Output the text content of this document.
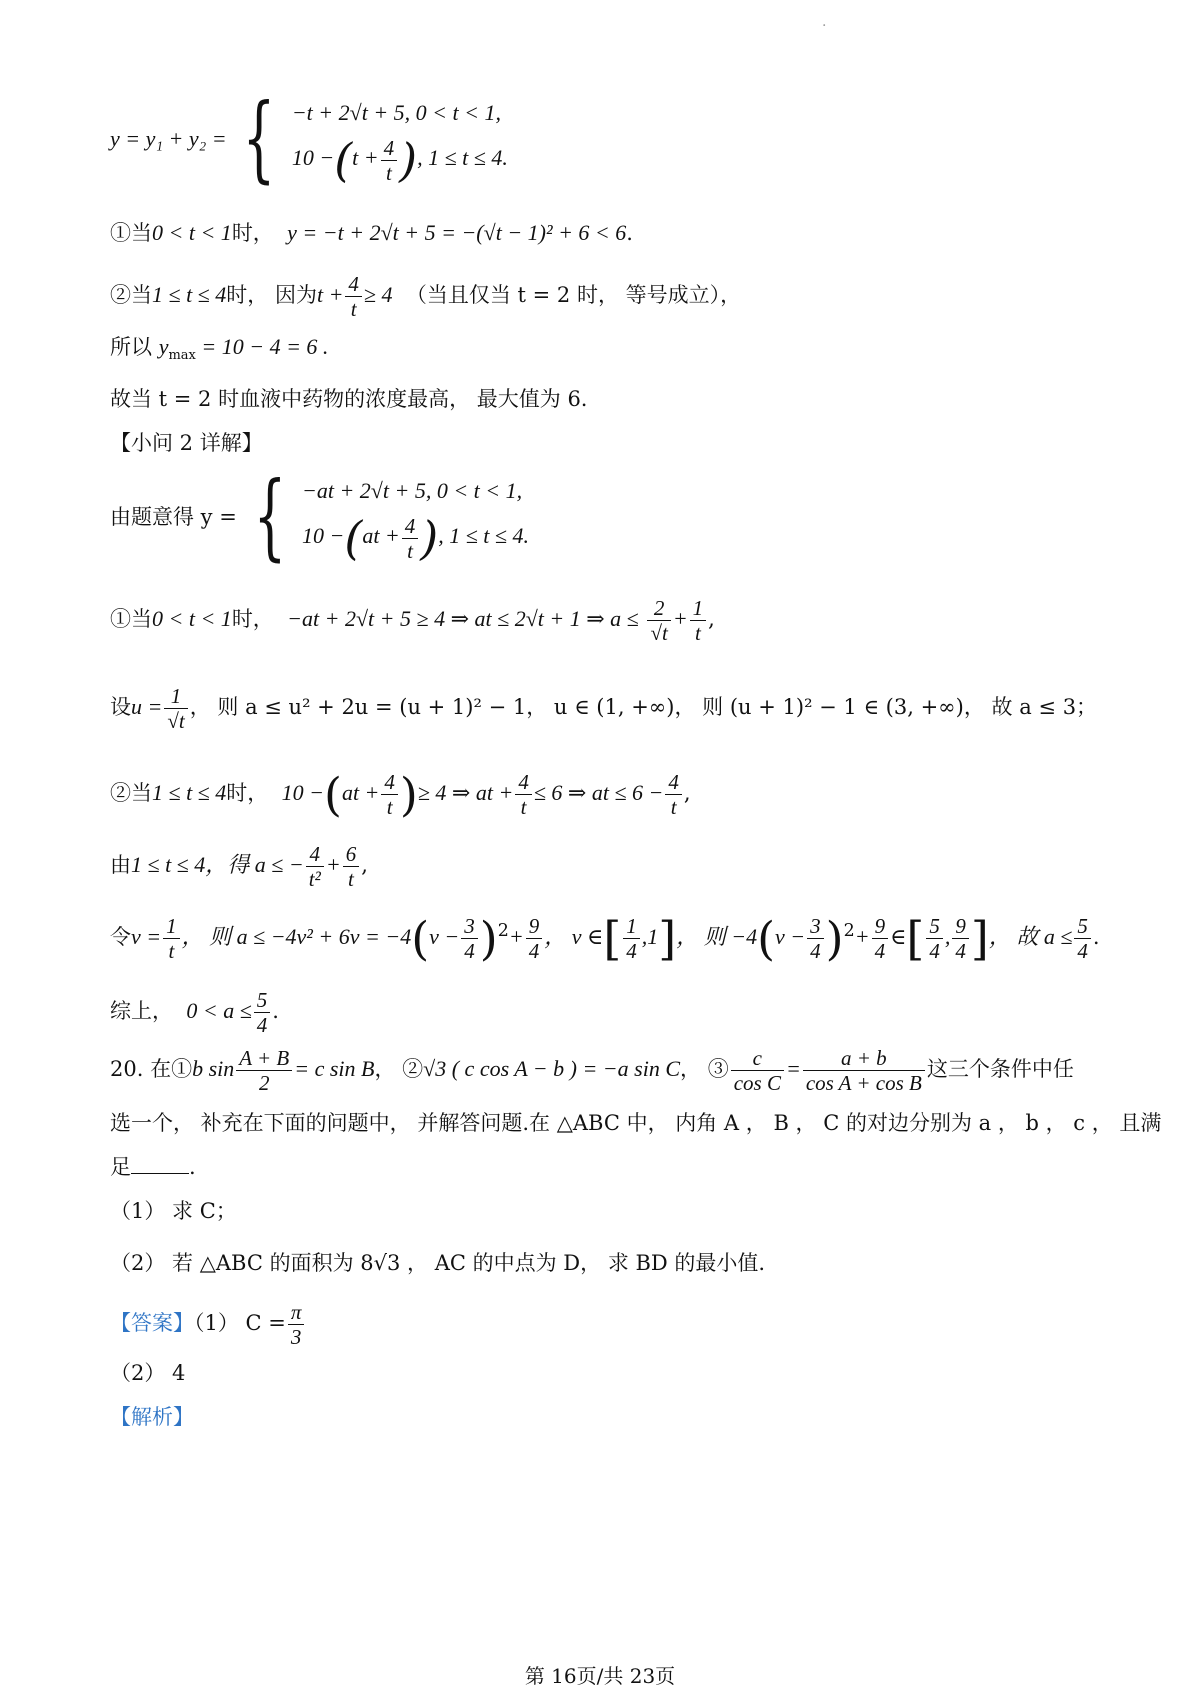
·
y = y₁ + y₂ = { −t + 2√t + 5, 0 < t < 1,
$10 -(t + \frac{4}{t}$ ), 1 ≤ t ≤ 4.
①当0 < t < 1时， y = −t + 2√t + 5 = −(√t − 1)² + 6 < 6.
②当1 ≤ t ≤ 4时， 因为$t + \frac{4}{t} \ge 4$ （当且仅当 t = 2 时， 等号成立），
所以 $y_{max} = 10 - 4 = 6$ .
故当 t = 2 时血液中药物的浓度最高， 最大值为 6.
【小问 2 详解】
由题意得 y = { −at + 2√t + 5, 0 < t < 1,
$10 -(at + \frac{4}{t}$ ), 1 ≤ t ≤ 4.
①当0 < t < 1时， −at + 2√t + 5 ≥ 4 ⇒ at ≤ 2√t + 1 ⇒ $a \le \frac{2}{√t} + \frac{1}{t}$ ,
设$u = \frac{1}{√t}$ ， 则 a ≤ u² + 2u = (u + 1)² − 1， u ∈ (1, +∞)， 则 (u + 1)² − 1 ∈ (3, +∞)， 故 a ≤ 3；
②当1 ≤ t ≤ 4时， $10 -(at + \frac{4}{t}$ )≥ 4 ⇒ at + $\frac{4}{t} \le 6$ ⇒ at ≤ $6 - \frac{4}{t}$ ,
由1 ≤ t ≤ 4，得 a ≤ − $\frac{4}{\text{t²}} + \frac{6}{t}$ ,
令$v = \frac{1}{t}$ ， 则 $a \le -4v^2 + 6v = -4(v - \frac{3}{4} )^2+ \frac{9}{4}$ ， v ∈[ $\frac{1}{4} ,1$]， 则 $-4(v - \frac{3}{4} )^2+ \frac{9}{4}$ ∈[ $\frac{5}{4}$ , $\frac{9}{4}$ ]， 故 $a \le \frac{5}{4}$ .
综上， $0 < a \le \frac{5}{4}$ .
20. 在①b $\sin \frac{A + B}{2} = c$ sin B， ②√3 ( c cos A − b ) = −a sin C， ③ $\frac{c}{\text{cos C}} = \frac{a + b}{\text{cos A + cos B}}$ 这三个条件中任
选一个， 补充在下面的问题中， 并解答问题.在 △ABC 中， 内角 A ， B ， C 的对边分别为 a ， b ， c ， 且满
足	.
（1） 求 C；
（2） 若 △ABC 的面积为 8√3 ， AC 的中点为 D， 求 BD 的最小值.
【答案】（1） $C = \frac{\pi}{3}$
（2） 4
【解析】
第 16页/共 23页
